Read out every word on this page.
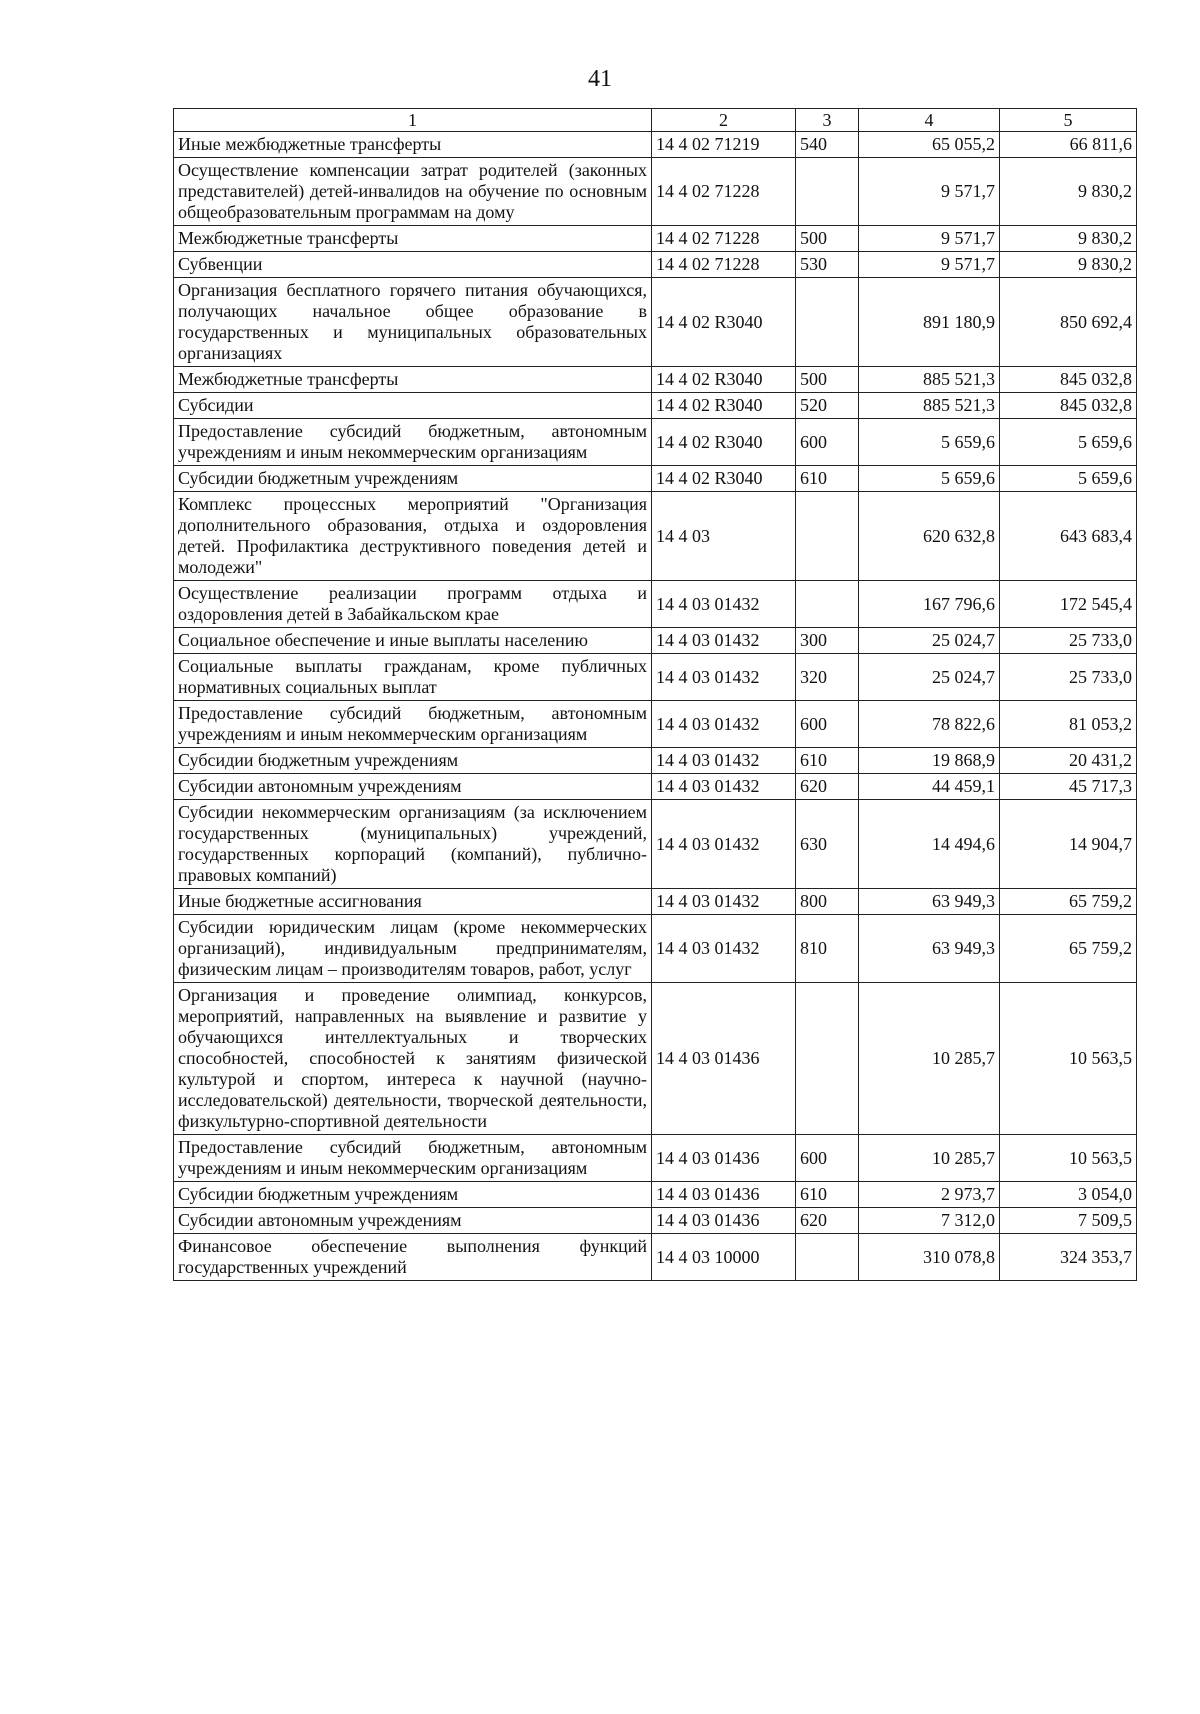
41
1	2	3	4	5
Иные межбюджетные трансферты	14 4 02 71219	540	65 055,2	66 811,6
Осуществление компенсации затрат родителей (законных представителей) детей-инвалидов на обучение по основным общеобразовательным программам на дому	14 4 02 71228		9 571,7	9 830,2
Межбюджетные трансферты	14 4 02 71228	500	9 571,7	9 830,2
Субвенции	14 4 02 71228	530	9 571,7	9 830,2
Организация бесплатного горячего питания обучающихся, получающих начальное общее образование в государственных и муниципальных образовательных организациях	14 4 02 R3040		891 180,9	850 692,4
Межбюджетные трансферты	14 4 02 R3040	500	885 521,3	845 032,8
Субсидии	14 4 02 R3040	520	885 521,3	845 032,8
Предоставление субсидий бюджетным, автономным учреждениям и иным некоммерческим организациям	14 4 02 R3040	600	5 659,6	5 659,6
Субсидии бюджетным учреждениям	14 4 02 R3040	610	5 659,6	5 659,6
Комплекс процессных мероприятий "Организация дополнительного образования, отдыха и оздоровления детей. Профилактика деструктивного поведения детей и молодежи"	14 4 03		620 632,8	643 683,4
Осуществление реализации программ отдыха и оздоровления детей в Забайкальском крае	14 4 03 01432		167 796,6	172 545,4
Социальное обеспечение и иные выплаты населению	14 4 03 01432	300	25 024,7	25 733,0
Социальные выплаты гражданам, кроме публичных нормативных социальных выплат	14 4 03 01432	320	25 024,7	25 733,0
Предоставление субсидий бюджетным, автономным учреждениям и иным некоммерческим организациям	14 4 03 01432	600	78 822,6	81 053,2
Субсидии бюджетным учреждениям	14 4 03 01432	610	19 868,9	20 431,2
Субсидии автономным учреждениям	14 4 03 01432	620	44 459,1	45 717,3
Субсидии некоммерческим организациям (за исключением государственных (муниципальных) учреждений, государственных корпораций (компаний), публично-правовых компаний)	14 4 03 01432	630	14 494,6	14 904,7
Иные бюджетные ассигнования	14 4 03 01432	800	63 949,3	65 759,2
Субсидии юридическим лицам (кроме некоммерческих организаций), индивидуальным предпринимателям, физическим лицам – производителям товаров, работ, услуг	14 4 03 01432	810	63 949,3	65 759,2
Организация и проведение олимпиад, конкурсов, мероприятий, направленных на выявление и развитие у обучающихся интеллектуальных и творческих способностей, способностей к занятиям физической культурой и спортом, интереса к научной (научно-исследовательской) деятельности, творческой деятельности, физкультурно-спортивной деятельности	14 4 03 01436		10 285,7	10 563,5
Предоставление субсидий бюджетным, автономным учреждениям и иным некоммерческим организациям	14 4 03 01436	600	10 285,7	10 563,5
Субсидии бюджетным учреждениям	14 4 03 01436	610	2 973,7	3 054,0
Субсидии автономным учреждениям	14 4 03 01436	620	7 312,0	7 509,5
Финансовое обеспечение выполнения функций государственных учреждений	14 4 03 10000		310 078,8	324 353,7
